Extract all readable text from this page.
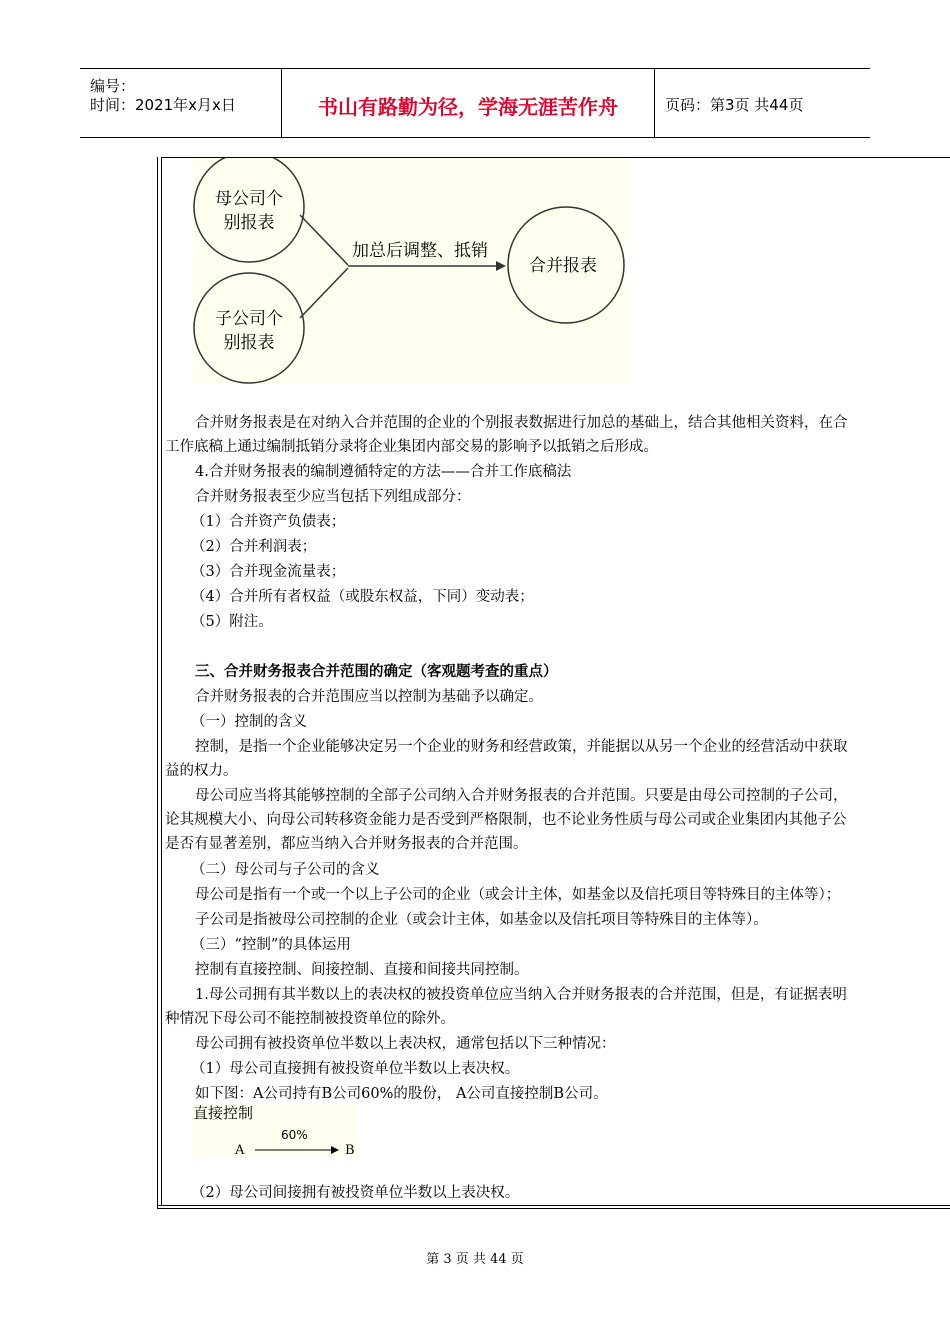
编号：
时间：2021年x月x日	书山有路勤为径，学海无涯苦作舟	页码：第3页 共44页
母公司个
别报表
子公司个
别报表
加总后调整、抵销
合并报表
合并财务报表是在对纳入合并范围的企业的个别报表数据进行加总的基础上，结合其他相关资料，在合
工作底稿上通过编制抵销分录将企业集团内部交易的影响予以抵销之后形成。
4.合并财务报表的编制遵循特定的方法——合并工作底稿法
合并财务报表至少应当包括下列组成部分：
（1）合并资产负债表；
（2）合并利润表；
（3）合并现金流量表；
（4）合并所有者权益（或股东权益，下同）变动表；
（5）附注。
三、合并财务报表合并范围的确定（客观题考查的重点）
合并财务报表的合并范围应当以控制为基础予以确定。
（一）控制的含义
控制，是指一个企业能够决定另一个企业的财务和经营政策，并能据以从另一个企业的经营活动中获取
益的权力。
母公司应当将其能够控制的全部子公司纳入合并财务报表的合并范围。只要是由母公司控制的子公司，
论其规模大小、向母公司转移资金能力是否受到严格限制，也不论业务性质与母公司或企业集团内其他子公
是否有显著差别，都应当纳入合并财务报表的合并范围。
（二）母公司与子公司的含义
母公司是指有一个或一个以上子公司的企业（或会计主体，如基金以及信托项目等特殊目的主体等）；
子公司是指被母公司控制的企业（或会计主体，如基金以及信托项目等特殊目的主体等）。
（三）“控制”的具体运用
控制有直接控制、间接控制、直接和间接共同控制。
1.母公司拥有其半数以上的表决权的被投资单位应当纳入合并财务报表的合并范围，但是，有证据表明
种情况下母公司不能控制被投资单位的除外。
母公司拥有被投资单位半数以上表决权，通常包括以下三种情况：
（1）母公司直接拥有被投资单位半数以上表决权。
如下图：A公司持有B公司60%的股份， A公司直接控制B公司。
直接控制
60%
A	B
（2）母公司间接拥有被投资单位半数以上表决权。
第 3 页 共 44 页
